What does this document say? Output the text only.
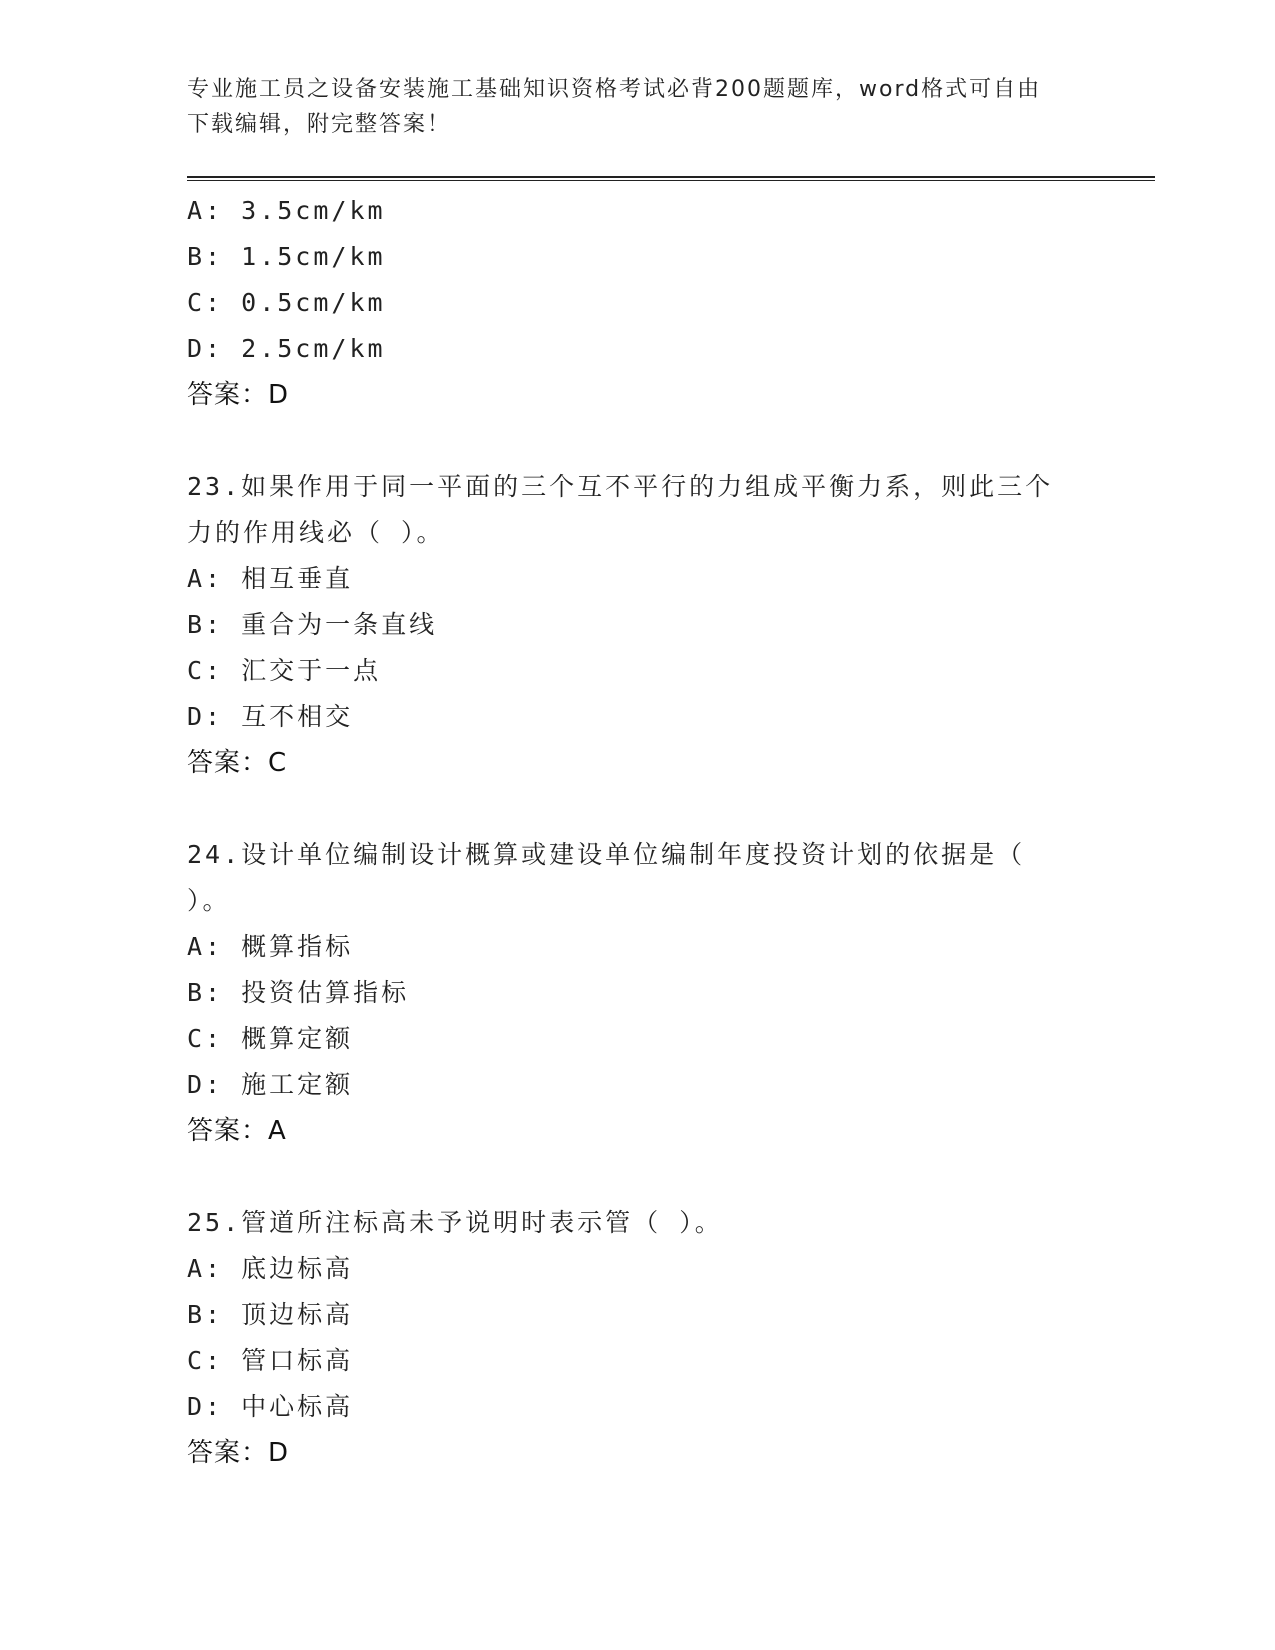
专业施工员之设备安装施工基础知识资格考试必背200题题库，word格式可自由
下载编辑，附完整答案！
A: 3.5cm/km
B: 1.5cm/km
C: 0.5cm/km
D: 2.5cm/km
答案：D
23.如果作用于同一平面的三个互不平行的力组成平衡力系，则此三个
力的作用线必（ ）。
A: 相互垂直
B: 重合为一条直线
C: 汇交于一点
D: 互不相交
答案：C
24.设计单位编制设计概算或建设单位编制年度投资计划的依据是（
）。
A: 概算指标
B: 投资估算指标
C: 概算定额
D: 施工定额
答案：A
25.管道所注标高未予说明时表示管（ ）。
A: 底边标高
B: 顶边标高
C: 管口标高
D: 中心标高
答案：D
